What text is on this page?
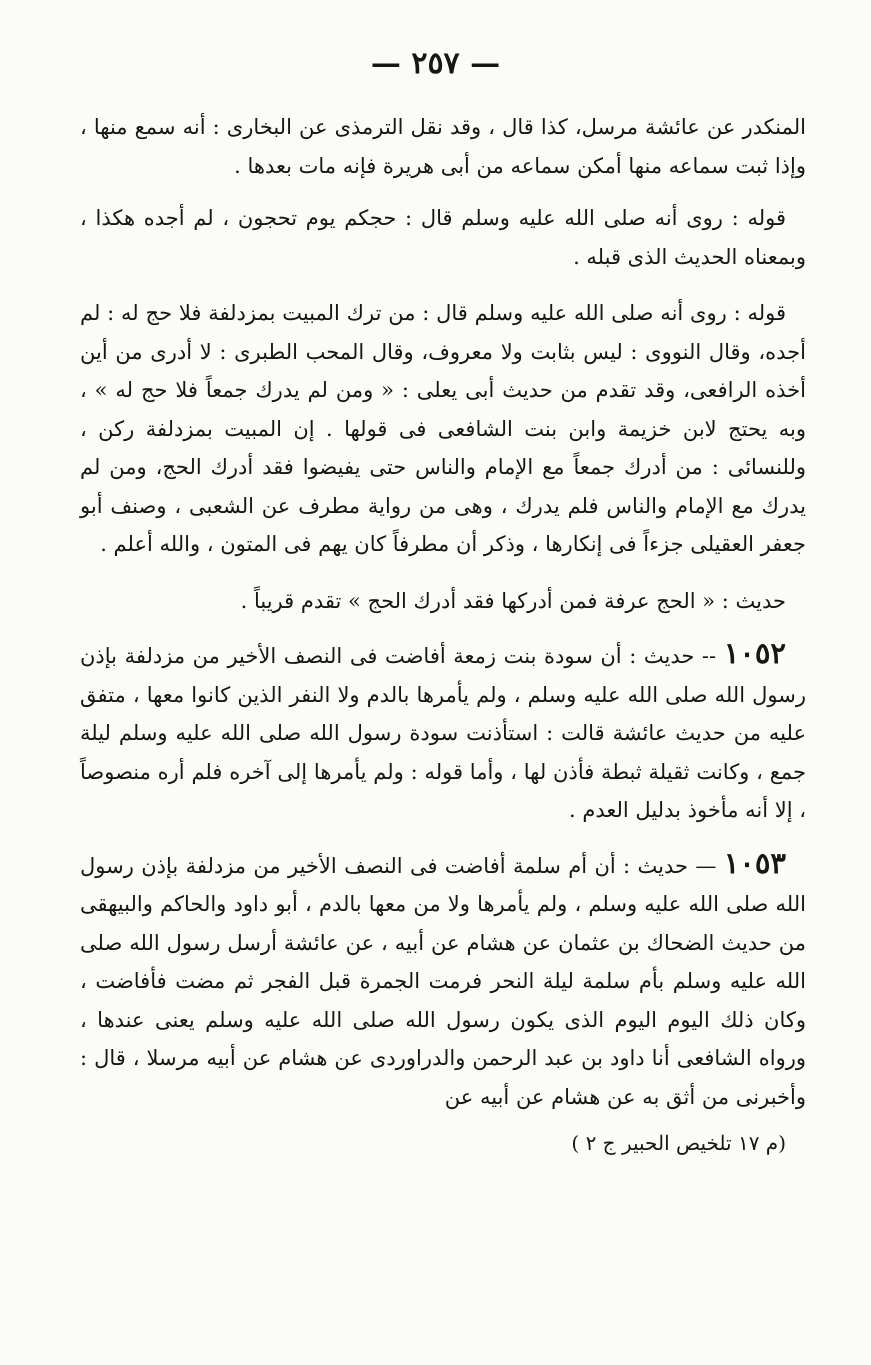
— ٢٥٧ —

المنكدر عن عائشة مرسل، كذا قال ، وقد نقل الترمذى عن البخارى : أنه سمع منها ، وإذا ثبت سماعه منها أمكن سماعه من أبى هريرة فإنه مات بعدها .

قوله : روى أنه صلى الله عليه وسلم قال : حجكم يوم تحجون ، لم أجده هكذا ، وبمعناه الحديث الذى قبله .

قوله : روى أنه صلى الله عليه وسلم قال : من ترك المبيت بمزدلفة فلا حج له : لم أجده، وقال النووى : ليس بثابت ولا معروف، وقال المحب الطبرى : لا أدرى من أين أخذه الرافعى، وقد تقدم من حديث أبى يعلى : « ومن لم يدرك جمعاً فلا حج له » ، وبه يحتج لابن خزيمة وابن بنت الشافعى فى قولها . إن المبيت بمزدلفة ركن ، وللنسائى : من أدرك جمعاً مع الإمام والناس حتى يفيضوا فقد أدرك الحج، ومن لم يدرك مع الإمام والناس فلم يدرك ، وهى من رواية مطرف عن الشعبى ، وصنف أبو جعفر العقيلى جزءاً فى إنكارها ، وذكر أن مطرفاً كان يهم فى المتون ، والله أعلم .

حديث : « الحج عرفة فمن أدركها فقد أدرك الحج » تقدم قريباً .

١٠٥٢ -- حديث : أن سودة بنت زمعة أفاضت فى النصف الأخير من مزدلفة بإذن رسول الله صلى الله عليه وسلم ، ولم يأمرها بالدم ولا النفر الذين كانوا معها ، متفق عليه من حديث عائشة قالت : استأذنت سودة رسول الله صلى الله عليه وسلم ليلة جمع ، وكانت ثقيلة ثبطة فأذن لها ، وأما قوله : ولم يأمرها إلى آخره فلم أره منصوصاً ، إلا أنه مأخوذ بدليل العدم .

١٠٥٣ — حديث : أن أم سلمة أفاضت فى النصف الأخير من مزدلفة بإذن رسول الله صلى الله عليه وسلم ، ولم يأمرها ولا من معها بالدم ، أبو داود والحاكم والبيهقى من حديث الضحاك بن عثمان عن هشام عن أبيه ، عن عائشة أرسل رسول الله صلى الله عليه وسلم بأم سلمة ليلة النحر فرمت الجمرة قبل الفجر ثم مضت فأفاضت ، وكان ذلك اليوم اليوم الذى يكون رسول الله صلى الله عليه وسلم يعنى عندها ، ورواه الشافعى أنا داود بن عبد الرحمن والدراوردى عن هشام عن أبيه مرسلا ، قال : وأخبرنى من أثق به عن هشام عن أبيه عن

(م ١٧ تلخيص الحبير ج ٢ )
